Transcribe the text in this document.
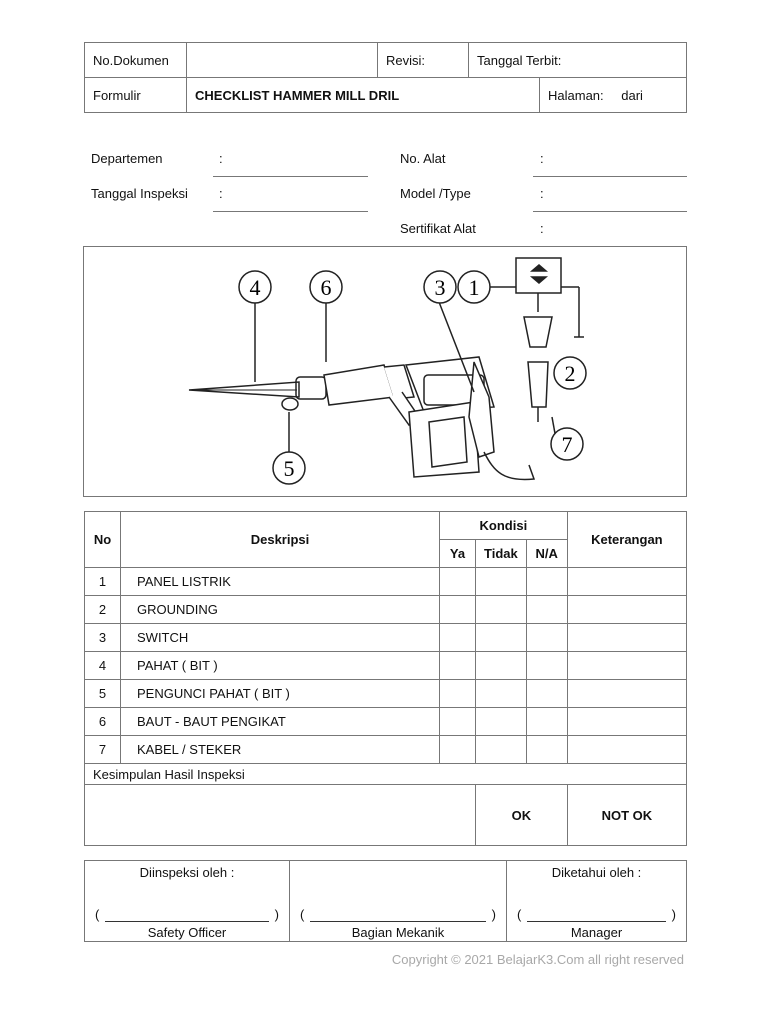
No.Dokumen		Revisi:	Tanggal Terbit:	
Formulir	CHECKLIST HAMMER MILL DRIL			Halaman: dari
Departemen	:
Tanggal Inspeksi :
No. Alat	:
Model /Type	:
Sertifikat Alat	:
4	6	3 1
2
5
7
No	Deskripsi	Kondisi			Keterangan
		Ya	Tidak	N/A	
1	PANEL LISTRIK				
2	GROUNDING				
3	SWITCH				
4	PAHAT ( BIT )				
5	PENGUNCI PAHAT ( BIT )				
6	BAUT - BAUT PENGIKAT				
7	KABEL / STEKER				
Kesimpulan Hasil Inspeksi					
			OK		NOT OK
Diinspeksi oleh :
(	)
Safety Officer

(	)
Bagian Mekanik

Diketahui oleh :
(	)
Manager
Copyright © 2021 BelajarK3.Com all right reserved
